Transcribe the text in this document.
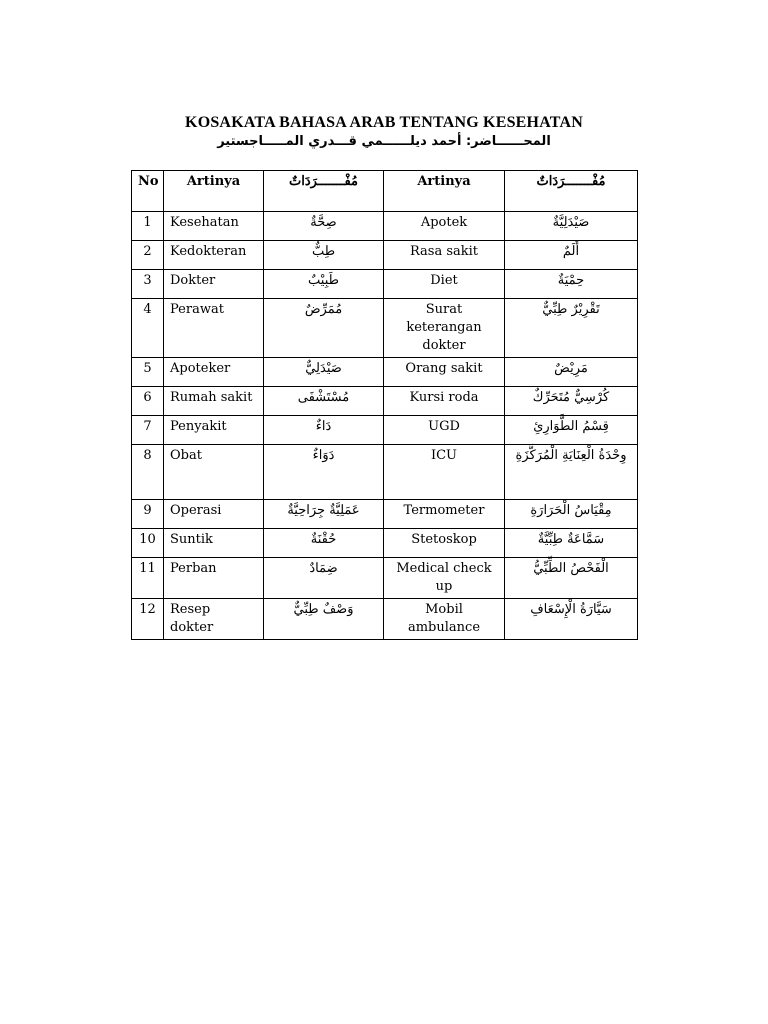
KOSAKATA BAHASA ARAB TENTANG KESEHATAN
المحــــــاضر: أحمد ديلــــــمي قـــدري المـــــاجستير
No	Artinya	مُفْـــــــرَدَاتٌ	Artinya	مُفْـــــــرَدَاتٌ
1	Kesehatan	صِحَّةٌ	Apotek	صَيْدَلِيَّةٌ
2	Kedokteran	طِبٌّ	Rasa sakit	أَلَمٌ
3	Dokter	طَبِيْبٌ	Diet	حِمْيَةٌ
4	Perawat	مُمَرِّضٌ	Surat keterangan dokter	تَقْرِيْرٌ طِبِّيٌّ
5	Apoteker	صَيْدَلِيٌّ	Orang sakit	مَرِيْضٌ
6	Rumah sakit	مُسْتَشْفَى	Kursi roda	كُرْسِيٌّ مُتَحَرِّكٌ
7	Penyakit	دَاءٌ	UGD	قِسْمُ الطَّوَارِئِ
8	Obat	دَوَاءٌ	ICU	وِحْدَةُ الْعِنَايَةِ الْمُرَكَّزَةِ
9	Operasi	عَمَلِيَّةٌ جِرَاحِيَّةٌ	Termometer	مِقْيَاسُ الْحَرَارَةِ
10	Suntik	حُقْنَةٌ	Stetoskop	سَمَّاعَةٌ طِبِّيَّةٌ
11	Perban	ضِمَادٌ	Medical check up	الْفَحْصُ الطِّبِّيُّ
12	Resep dokter	وَصْفٌ طِبِّيٌّ	Mobil ambulance	سَيَّارَةُ الْإِسْعَافِ
